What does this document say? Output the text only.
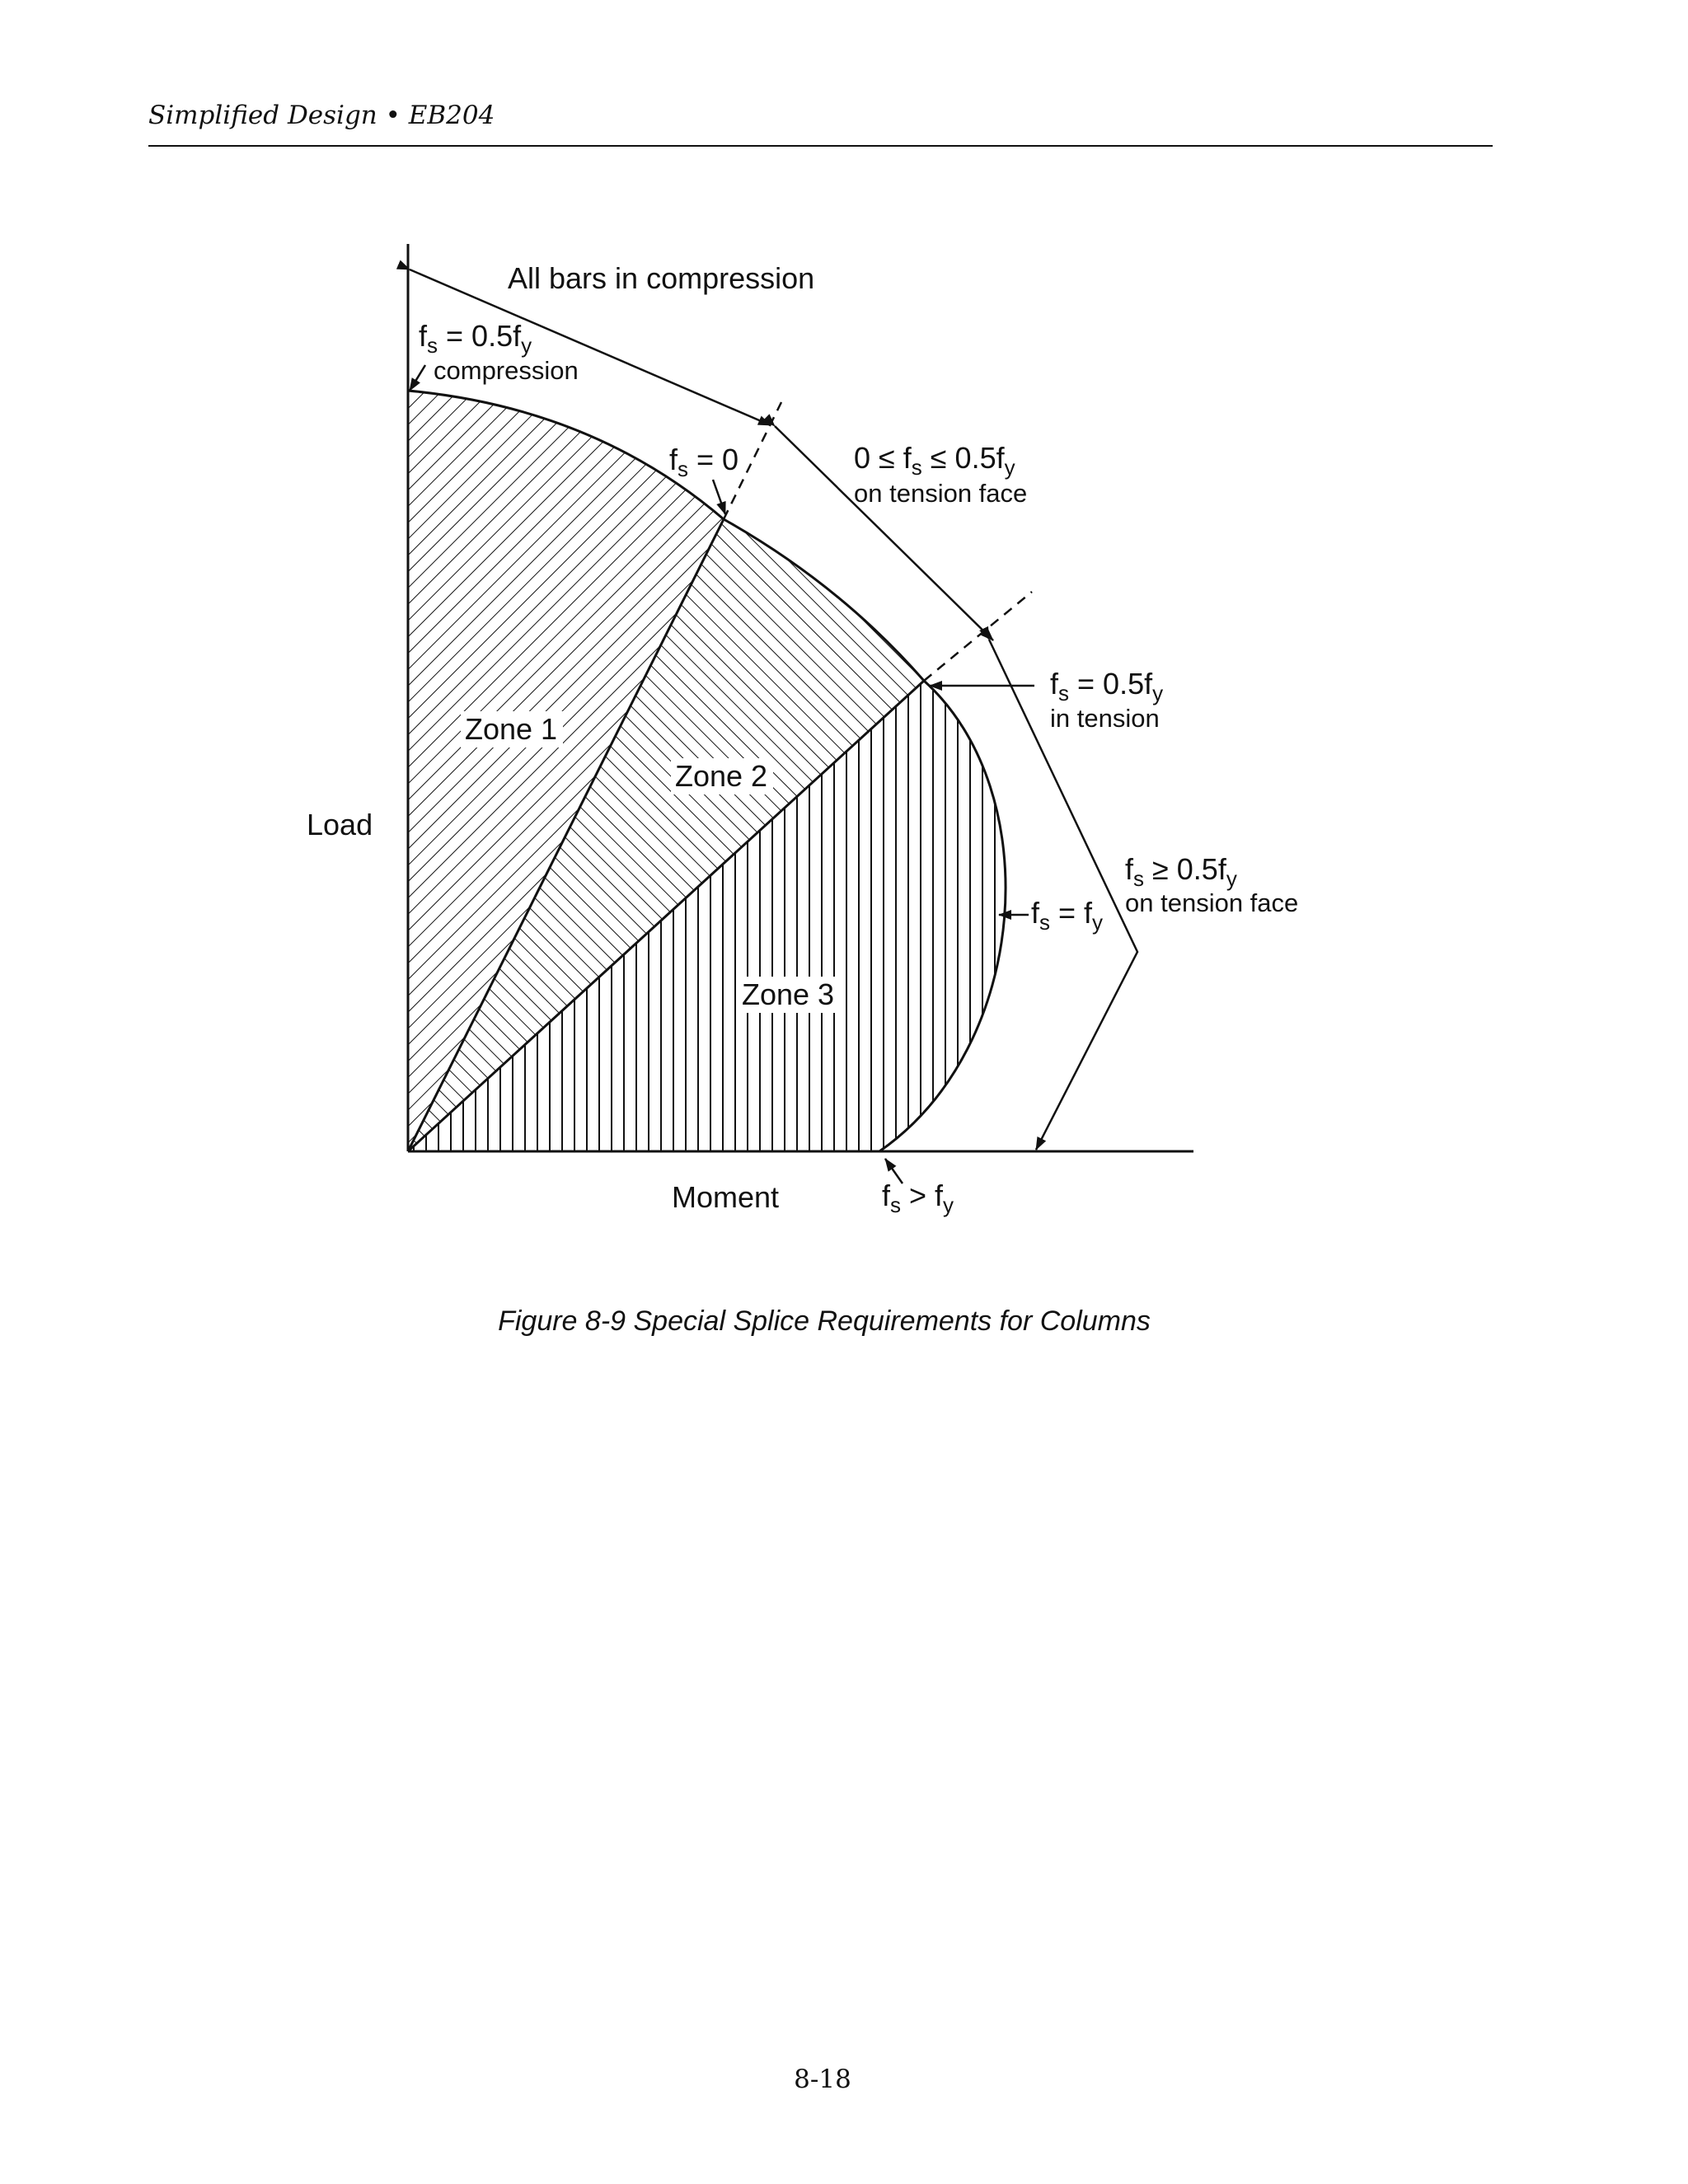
Simplified Design • EB204
All bars in compression
Load
Moment
Zone 1
Zone 2
Zone 3
$f_s = 0.5f_y$
compression
$f_s = 0$	$0 \le f_s \le 0.5f_y$
on tension face
$f_s = 0.5f_y$
in tension
$f_s \ge 0.5f_y$
on tension face
$f_s = f_y$
$f_s > f_y$
Figure 8-9 Special Splice Requirements for Columns
8-18
